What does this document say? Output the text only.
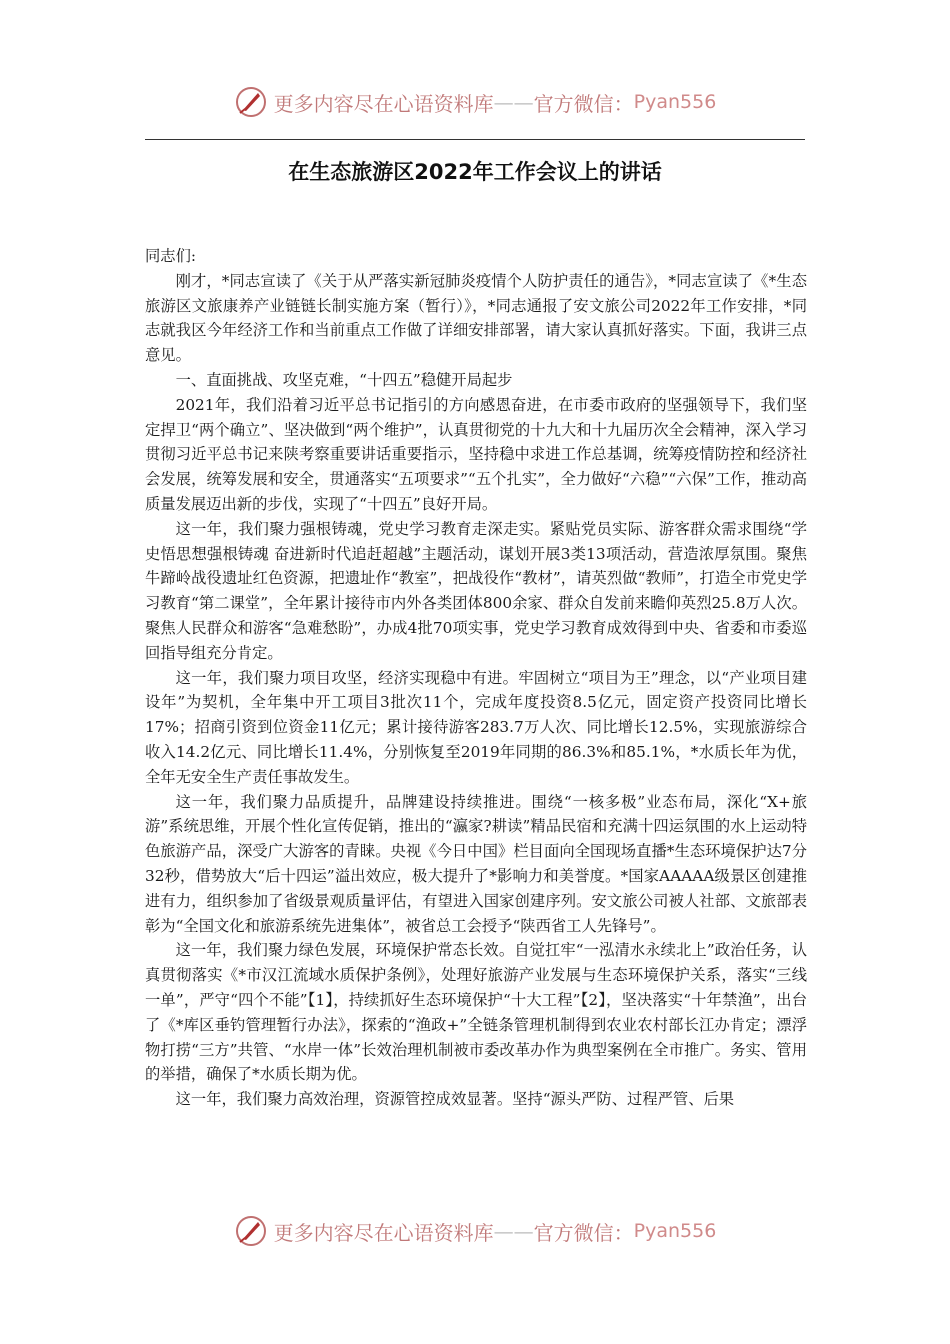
更多内容尽在心语资料库 —— 官方微信： Pyan556
在生态旅游区2022年工作会议上的讲话

同志们:

刚才，*同志宣读了《关于从严落实新冠肺炎疫情个人防护责任的通告》，*同志宣读了《*生态旅游区文旅康养产业链链长制实施方案（暂行）》，*同志通报了安文旅公司2022年工作安排，*同志就我区今年经济工作和当前重点工作做了详细安排部署，请大家认真抓好落实。下面，我讲三点意见。

一、直面挑战、攻坚克难，“十四五”稳健开局起步

2021年，我们沿着习近平总书记指引的方向感恩奋进，在市委市政府的坚强领导下，我们坚定捍卫“两个确立”、坚决做到“两个维护”，认真贯彻党的十九大和十九届历次全会精神，深入学习贯彻习近平总书记来陕考察重要讲话重要指示，坚持稳中求进工作总基调，统筹疫情防控和经济社会发展，统筹发展和安全，贯通落实“五项要求”“五个扎实”，全力做好“六稳”“六保”工作，推动高质量发展迈出新的步伐，实现了“十四五”良好开局。

这一年，我们聚力强根铸魂，党史学习教育走深走实。紧贴党员实际、游客群众需求围绕“学史悟思想强根铸魂 奋进新时代追赶超越”主题活动，谋划开展3类13项活动，营造浓厚氛围。聚焦牛蹄岭战役遗址红色资源，把遗址作“教室”，把战役作“教材”，请英烈做“教师”，打造全市党史学习教育“第二课堂”，全年累计接待市内外各类团体800余家、群众自发前来瞻仰英烈25.8万人次。聚焦人民群众和游客“急难愁盼”，办成4批70项实事，党史学习教育成效得到中央、省委和市委巡回指导组充分肯定。

这一年，我们聚力项目攻坚，经济实现稳中有进。牢固树立“项目为王”理念，以“产业项目建设年”为契机，全年集中开工项目3批次11个，完成年度投资8.5亿元，固定资产投资同比增长17%；招商引资到位资金11亿元；累计接待游客283.7万人次、同比增长12.5%，实现旅游综合收入14.2亿元、同比增长11.4%，分别恢复至2019年同期的86.3%和85.1%，*水质长年为优，全年无安全生产责任事故发生。

这一年，我们聚力品质提升，品牌建设持续推进。围绕“一核多极”业态布局，深化“X+旅游”系统思维，开展个性化宣传促销，推出的“瀛家?耕读”精品民宿和充满十四运氛围的水上运动特色旅游产品，深受广大游客的青睐。央视《今日中国》栏目面向全国现场直播*生态环境保护达7分32秒，借势放大“后十四运”溢出效应，极大提升了*影响力和美誉度。*国家AAAAA级景区创建推进有力，组织参加了省级景观质量评估，有望进入国家创建序列。安文旅公司被人社部、文旅部表彰为“全国文化和旅游系统先进集体”，被省总工会授予“陕西省工人先锋号”。

这一年，我们聚力绿色发展，环境保护常态长效。自觉扛牢“一泓清水永续北上”政治任务，认真贯彻落实《*市汉江流域水质保护条例》，处理好旅游产业发展与生态环境保护关系，落实“三线一单”，严守“四个不能”【1】，持续抓好生态环境保护“十大工程”【2】，坚决落实“十年禁渔”，出台了《*库区垂钓管理暂行办法》，探索的“渔政+”全链条管理机制得到农业农村部长江办肯定；漂浮物打捞“三方”共管、“水岸一体”长效治理机制被市委改革办作为典型案例在全市推广。务实、管用的举措，确保了*水质长期为优。

这一年，我们聚力高效治理，资源管控成效显著。坚持“源头严防、过程严管、后果

更多内容尽在心语资料库 —— 官方微信： Pyan556
